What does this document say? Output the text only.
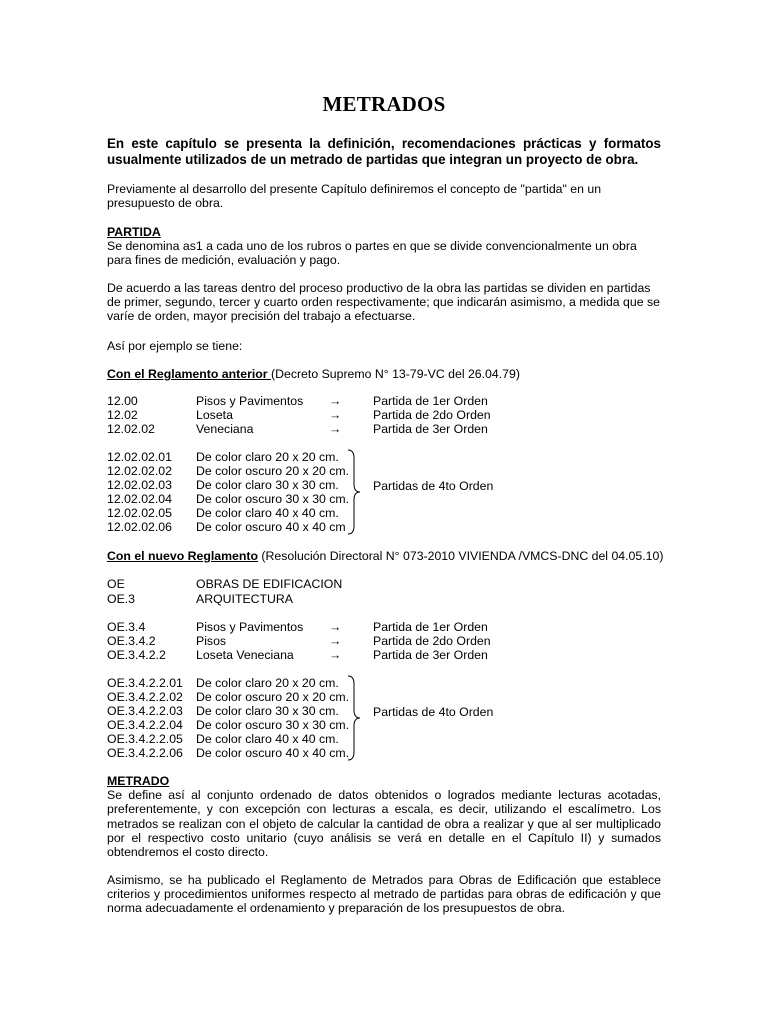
METRADOS
En este capítulo se presenta la definición, recomendaciones prácticas y formatos usualmente utilizados de un metrado de partidas que integran un proyecto de obra.
Previamente al desarrollo del presente Capítulo definiremos el concepto de "partida" en un presupuesto de obra.
PARTIDA
Se denomina as1 a cada uno de los rubros o partes en que se divide convencionalmente un obra para fines de medición, evaluación y pago.
De acuerdo a las tareas dentro del proceso productivo de la obra las partidas se dividen en partidas de primer, segundo, tercer y cuarto orden respectivamente; que indicarán asimismo, a medida que se varíe de orden, mayor precisión del trabajo a efectuarse.
Así por ejemplo se tiene:
Con el Reglamento anterior (Decreto Supremo N° 13-79-VC del 26.04.79)
12.00	Pisos y Pavimentos →	Partida de 1er Orden
12.02	Loseta	→	Partida de 2do Orden
12.02.02	Veneciana	→	Partida de 3er Orden
12.02.02.01 De color claro 20 x 20 cm.
12.02.02.02 De color oscuro 20 x 20 cm.
12.02.02.03 De color claro 30 x 30 cm.
12.02.02.04 De color oscuro 30 x 30 cm.
12.02.02.05 De color claro 40 x 40 cm.
12.02.02.06 De color oscuro 40 x 40 cm
Partidas de 4to Orden
Con el nuevo Reglamento (Resolución Directoral N° 073-2010 VIVIENDA /VMCS-DNC del 04.05.10)
OE	OBRAS DE EDIFICACION
OE.3	ARQUITECTURA
OE.3.4	Pisos y Pavimentos →	Partida de 1er Orden
OE.3.4.2	Pisos	→	Partida de 2do Orden
OE.3.4.2.2 Loseta Veneciana	→	Partida de 3er Orden
OE.3.4.2.2.01 De color claro 20 x 20 cm.
OE.3.4.2.2.02 De color oscuro 20 x 20 cm.
OE.3.4.2.2.03 De color claro 30 x 30 cm.
OE.3.4.2.2.04 De color oscuro 30 x 30 cm.
OE.3.4.2.2.05 De color claro 40 x 40 cm.
OE.3.4.2.2.06 De color oscuro 40 x 40 cm.
Partidas de 4to Orden
METRADO
Se define así al conjunto ordenado de datos obtenidos o logrados mediante lecturas acotadas, preferentemente, y con excepción con lecturas a escala, es decir, utilizando el escalímetro. Los metrados se realizan con el objeto de calcular la cantidad de obra a realizar y que al ser multiplicado por el respectivo costo unitario (cuyo análisis se verá en detalle en el Capítulo II) y sumados obtendremos el costo directo.
Asimismo, se ha publicado el Reglamento de Metrados para Obras de Edificación que establece criterios y procedimientos uniformes respecto al metrado de partidas para obras de edificación y que norma adecuadamente el ordenamiento y preparación de los presupuestos de obra.
